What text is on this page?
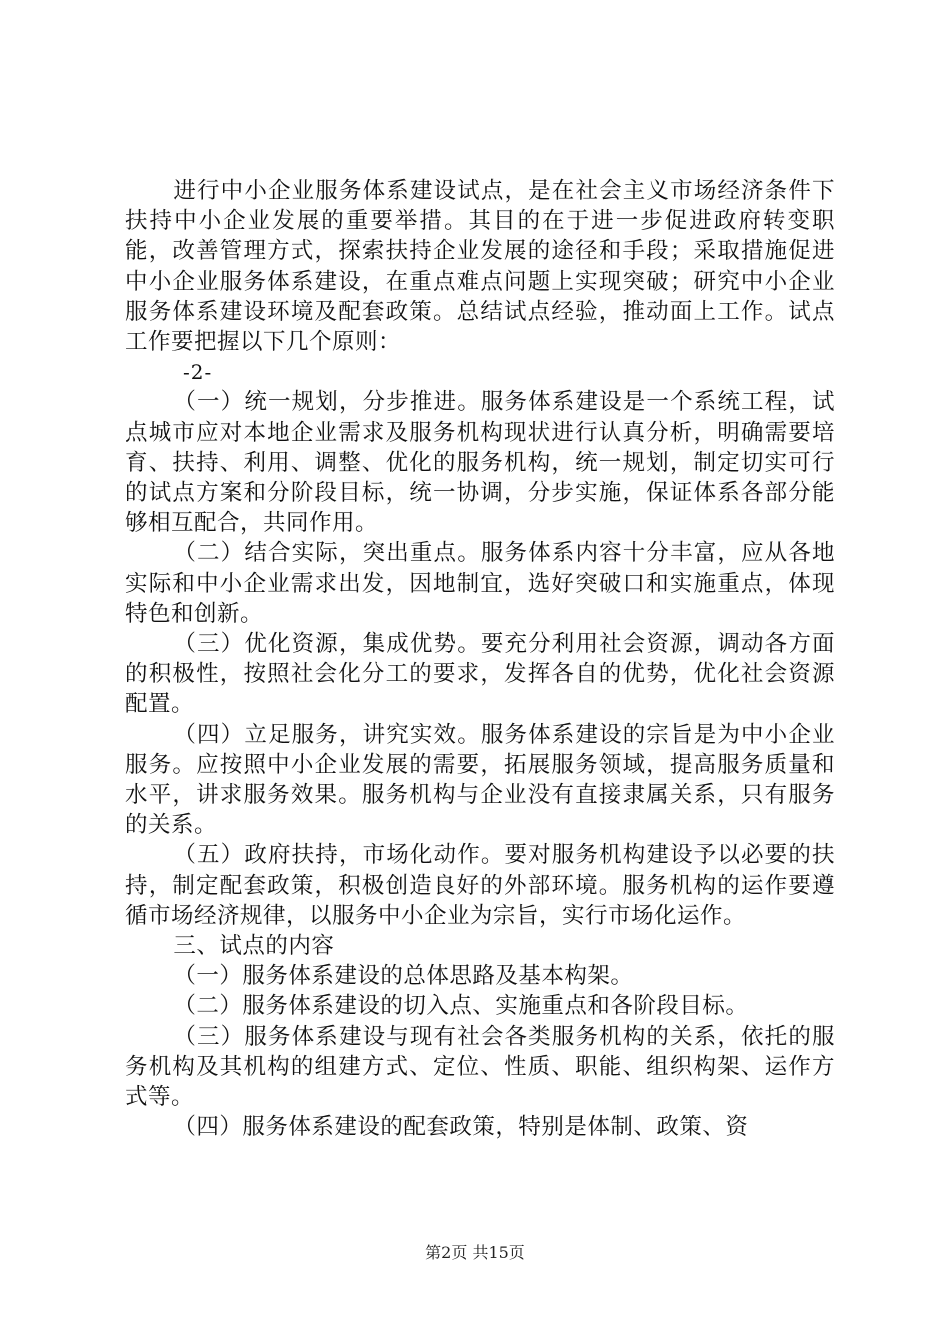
进行中小企业服务体系建设试点，是在社会主义市场经济条件下扶持中小企业发展的重要举措。其目的在于进一步促进政府转变职能，改善管理方式，探索扶持企业发展的途径和手段；采取措施促进中小企业服务体系建设，在重点难点问题上实现突破；研究中小企业服务体系建设环境及配套政策。总结试点经验，推动面上工作。试点工作要把握以下几个原则：

-2-

（一）统一规划，分步推进。服务体系建设是一个系统工程，试点城市应对本地企业需求及服务机构现状进行认真分析，明确需要培育、扶持、利用、调整、优化的服务机构，统一规划，制定切实可行的试点方案和分阶段目标，统一协调，分步实施，保证体系各部分能够相互配合，共同作用。

（二）结合实际，突出重点。服务体系内容十分丰富，应从各地实际和中小企业需求出发，因地制宜，选好突破口和实施重点，体现特色和创新。

（三）优化资源，集成优势。要充分利用社会资源，调动各方面的积极性，按照社会化分工的要求，发挥各自的优势，优化社会资源配置。

（四）立足服务，讲究实效。服务体系建设的宗旨是为中小企业服务。应按照中小企业发展的需要，拓展服务领域，提高服务质量和水平，讲求服务效果。服务机构与企业没有直接隶属关系，只有服务的关系。

（五）政府扶持，市场化动作。要对服务机构建设予以必要的扶持，制定配套政策，积极创造良好的外部环境。服务机构的运作要遵循市场经济规律，以服务中小企业为宗旨，实行市场化运作。

三、试点的内容

（一）服务体系建设的总体思路及基本构架。

（二）服务体系建设的切入点、实施重点和各阶段目标。

（三）服务体系建设与现有社会各类服务机构的关系，依托的服务机构及其机构的组建方式、定位、性质、职能、组织构架、运作方式等。

（四）服务体系建设的配套政策，特别是体制、政策、资

第2页 共15页
